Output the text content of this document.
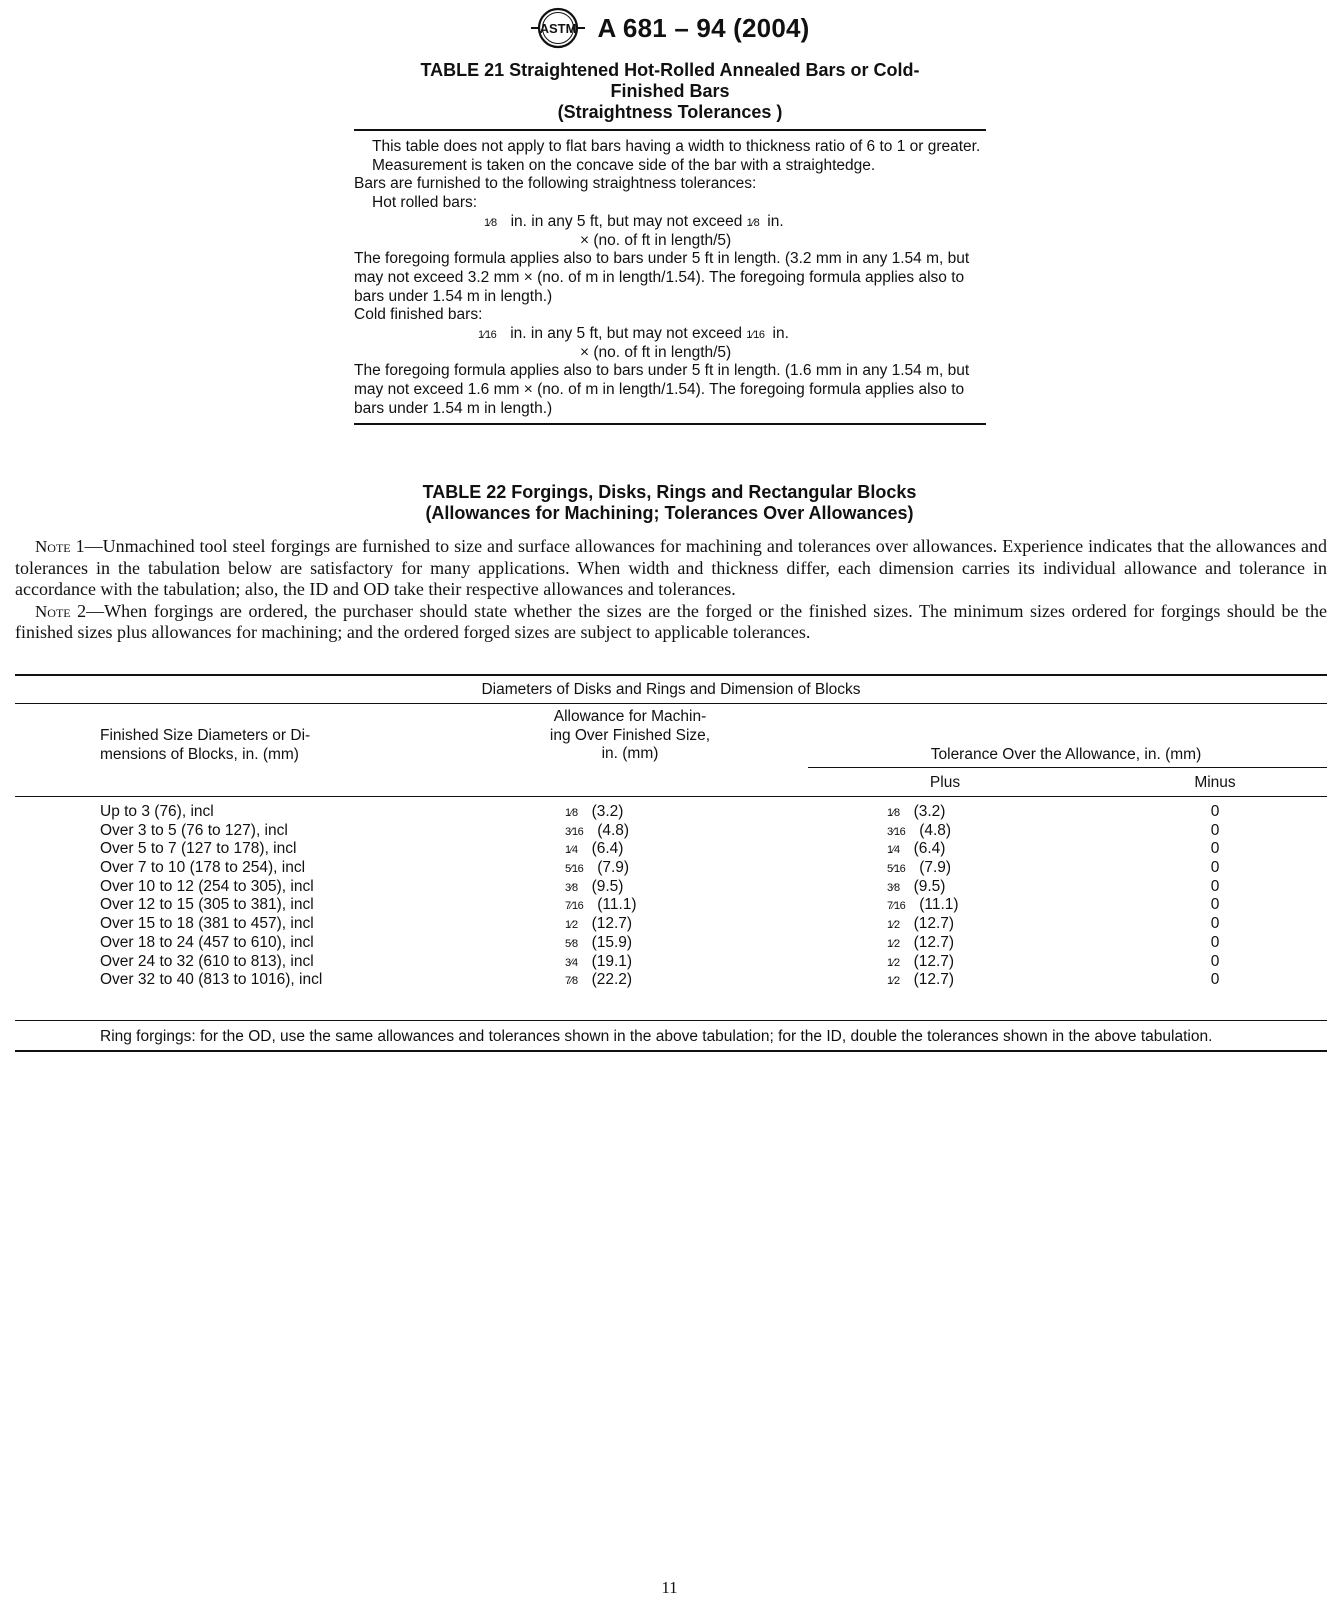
ASTM A 681 – 94 (2004)
TABLE 21 Straightened Hot-Rolled Annealed Bars or Cold-
Finished Bars
(Straightness Tolerances )

This table does not apply to flat bars having a width to thickness ratio of 6 to 1 or greater.

Measurement is taken on the concave side of the bar with a straightedge.

Bars are furnished to the following straightness tolerances:

Hot rolled bars:

1⁄8 in. in any 5 ft, but may not exceed 1⁄8 in.
× (no. of ft in length/5)

The foregoing formula applies also to bars under 5 ft in length. (3.2 mm in any 1.54 m, but may not exceed 3.2 mm × (no. of m in length/1.54). The foregoing formula applies also to bars under 1.54 m in length.)

Cold finished bars:

1⁄16 in. in any 5 ft, but may not exceed 1⁄16 in.
× (no. of ft in length/5)

The foregoing formula applies also to bars under 5 ft in length. (1.6 mm in any 1.54 m, but may not exceed 1.6 mm × (no. of m in length/1.54). The foregoing formula applies also to bars under 1.54 m in length.)

TABLE 22 Forgings, Disks, Rings and Rectangular Blocks
(Allowances for Machining; Tolerances Over Allowances)

Note 1—Unmachined tool steel forgings are furnished to size and surface allowances for machining and tolerances over allowances. Experience indicates that the allowances and tolerances in the tabulation below are satisfactory for many applications. When width and thickness differ, each dimension carries its individual allowance and tolerance in accordance with the tabulation; also, the ID and OD take their respective allowances and tolerances.

Note 2—When forgings are ordered, the purchaser should state whether the sizes are the forged or the finished sizes. The minimum sizes ordered for forgings should be the finished sizes plus allowances for machining; and the ordered forged sizes are subject to applicable tolerances.

Diameters of Disks and Rings and Dimension of Blocks
Finished Size Diameters or Di-
mensions of Blocks, in. (mm)
Allowance for Machin-
ing Over Finished Size,
in. (mm)	Tolerance Over the Allowance, in. (mm)
Plus	Minus
Up to 3 (76), incl	1⁄8 (3.2)	1⁄8 (3.2)	0
Over 3 to 5 (76 to 127), incl	3⁄16 (4.8)	3⁄16 (4.8)	0
Over 5 to 7 (127 to 178), incl	1⁄4 (6.4)	1⁄4 (6.4)	0
Over 7 to 10 (178 to 254), incl	5⁄16 (7.9)	5⁄16 (7.9)	0
Over 10 to 12 (254 to 305), incl	3⁄8 (9.5)	3⁄8 (9.5)	0
Over 12 to 15 (305 to 381), incl	7⁄16 (11.1)	7⁄16 (11.1)	0
Over 15 to 18 (381 to 457), incl	1⁄2 (12.7)	1⁄2 (12.7)	0
Over 18 to 24 (457 to 610), incl	5⁄8 (15.9)	1⁄2 (12.7)	0
Over 24 to 32 (610 to 813), incl	3⁄4 (19.1)	1⁄2 (12.7)	0
Over 32 to 40 (813 to 1016), incl	7⁄8 (22.2)	1⁄2 (12.7)	0
Ring forgings: for the OD, use the same allowances and tolerances shown in the above tabulation; for the ID, double the tolerances shown in the above tabulation.
11
